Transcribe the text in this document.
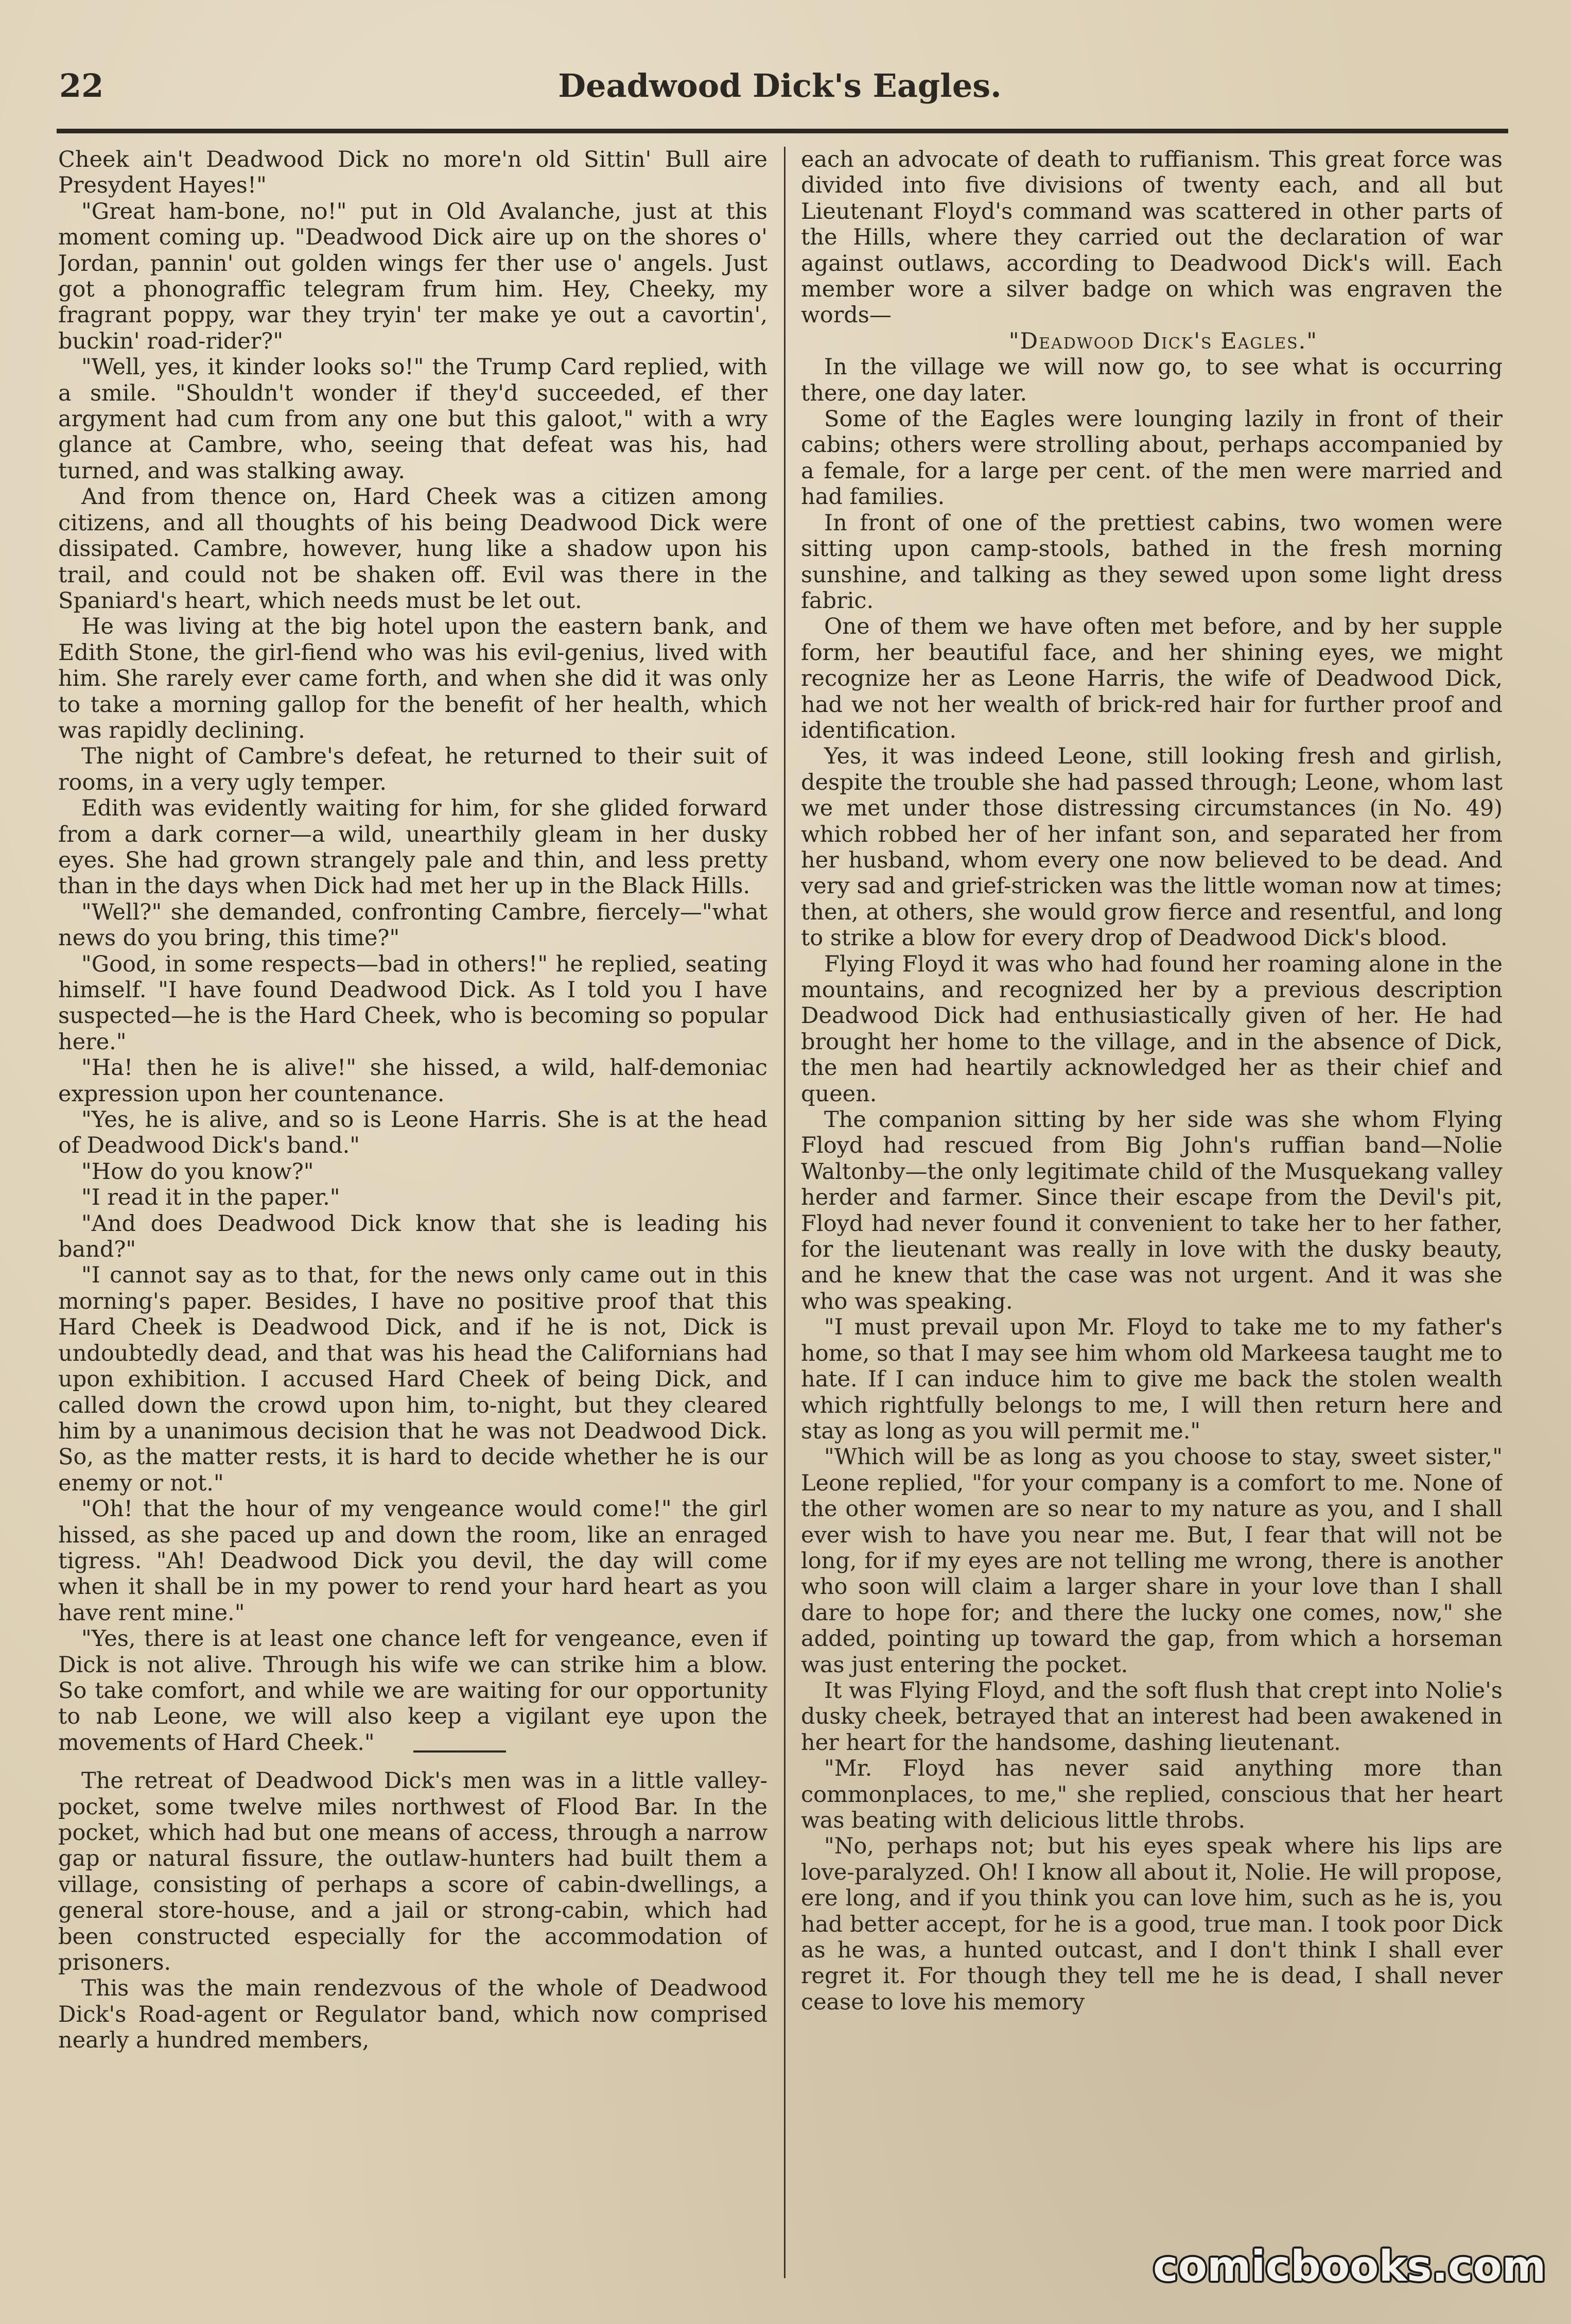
22	Deadwood Dick's Eagles.

Cheek ain't Deadwood Dick no more'n old Sittin' Bull aire Presydent Hayes!"

"Great ham-bone, no!" put in Old Avalanche, just at this moment coming up. "Deadwood Dick aire up on the shores o' Jordan, pannin' out golden wings fer ther use o' angels. Just got a phonograffic telegram frum him. Hey, Cheeky, my fragrant poppy, war they tryin' ter make ye out a cavortin', buckin' road-rider?"

"Well, yes, it kinder looks so!" the Trump Card replied, with a smile. "Shouldn't wonder if they'd succeeded, ef ther argyment had cum from any one but this galoot," with a wry glance at Cambre, who, seeing that defeat was his, had turned, and was stalking away.

And from thence on, Hard Cheek was a citizen among citizens, and all thoughts of his being Deadwood Dick were dissipated. Cambre, however, hung like a shadow upon his trail, and could not be shaken off. Evil was there in the Spaniard's heart, which needs must be let out.

He was living at the big hotel upon the eastern bank, and Edith Stone, the girl-fiend who was his evil-genius, lived with him. She rarely ever came forth, and when she did it was only to take a morning gallop for the benefit of her health, which was rapidly declining.

The night of Cambre's defeat, he returned to their suit of rooms, in a very ugly temper.

Edith was evidently waiting for him, for she glided forward from a dark corner—a wild, unearthily gleam in her dusky eyes. She had grown strangely pale and thin, and less pretty than in the days when Dick had met her up in the Black Hills.

"Well?" she demanded, confronting Cambre, fiercely—"what news do you bring, this time?"

"Good, in some respects—bad in others!" he replied, seating himself. "I have found Deadwood Dick. As I told you I have suspected—he is the Hard Cheek, who is becoming so popular here."

"Ha! then he is alive!" she hissed, a wild, half-demoniac expression upon her countenance.

"Yes, he is alive, and so is Leone Harris. She is at the head of Deadwood Dick's band."

"How do you know?"

"I read it in the paper."

"And does Deadwood Dick know that she is leading his band?"

"I cannot say as to that, for the news only came out in this morning's paper. Besides, I have no positive proof that this Hard Cheek is Deadwood Dick, and if he is not, Dick is undoubtedly dead, and that was his head the Californians had upon exhibition. I accused Hard Cheek of being Dick, and called down the crowd upon him, to-night, but they cleared him by a unanimous decision that he was not Deadwood Dick. So, as the matter rests, it is hard to decide whether he is our enemy or not."

"Oh! that the hour of my vengeance would come!" the girl hissed, as she paced up and down the room, like an enraged tigress. "Ah! Deadwood Dick you devil, the day will come when it shall be in my power to rend your hard heart as you have rent mine."

"Yes, there is at least one chance left for vengeance, even if Dick is not alive. Through his wife we can strike him a blow. So take comfort, and while we are waiting for our opportunity to nab Leone, we will also keep a vigilant eye upon the movements of Hard Cheek."

The retreat of Deadwood Dick's men was in a little valley-pocket, some twelve miles northwest of Flood Bar. In the pocket, which had but one means of access, through a narrow gap or natural fissure, the outlaw-hunters had built them a village, consisting of perhaps a score of cabin-dwellings, a general store-house, and a jail or strong-cabin, which had been constructed especially for the accommodation of prisoners.

This was the main rendezvous of the whole of Deadwood Dick's Road-agent or Regulator band, which now comprised nearly a hundred members,

each an advocate of death to ruffianism. This great force was divided into five divisions of twenty each, and all but Lieutenant Floyd's command was scattered in other parts of the Hills, where they carried out the declaration of war against outlaws, according to Deadwood Dick's will. Each member wore a silver badge on which was engraven the words—

"Deadwood Dick's Eagles."

In the village we will now go, to see what is occurring there, one day later.

Some of the Eagles were lounging lazily in front of their cabins; others were strolling about, perhaps accompanied by a female, for a large per cent. of the men were married and had families.

In front of one of the prettiest cabins, two women were sitting upon camp-stools, bathed in the fresh morning sunshine, and talking as they sewed upon some light dress fabric.

One of them we have often met before, and by her supple form, her beautiful face, and her shining eyes, we might recognize her as Leone Harris, the wife of Deadwood Dick, had we not her wealth of brick-red hair for further proof and identification.

Yes, it was indeed Leone, still looking fresh and girlish, despite the trouble she had passed through; Leone, whom last we met under those distressing circumstances (in No. 49) which robbed her of her infant son, and separated her from her husband, whom every one now believed to be dead. And very sad and grief-stricken was the little woman now at times; then, at others, she would grow fierce and resentful, and long to strike a blow for every drop of Deadwood Dick's blood.

Flying Floyd it was who had found her roaming alone in the mountains, and recognized her by a previous description Deadwood Dick had enthusiastically given of her. He had brought her home to the village, and in the absence of Dick, the men had heartily acknowledged her as their chief and queen.

The companion sitting by her side was she whom Flying Floyd had rescued from Big John's ruffian band—Nolie Waltonby—the only legitimate child of the Musquekang valley herder and farmer. Since their escape from the Devil's pit, Floyd had never found it convenient to take her to her father, for the lieutenant was really in love with the dusky beauty, and he knew that the case was not urgent. And it was she who was speaking.

"I must prevail upon Mr. Floyd to take me to my father's home, so that I may see him whom old Markeesa taught me to hate. If I can induce him to give me back the stolen wealth which rightfully belongs to me, I will then return here and stay as long as you will permit me."

"Which will be as long as you choose to stay, sweet sister," Leone replied, "for your company is a comfort to me. None of the other women are so near to my nature as you, and I shall ever wish to have you near me. But, I fear that will not be long, for if my eyes are not telling me wrong, there is another who soon will claim a larger share in your love than I shall dare to hope for; and there the lucky one comes, now," she added, pointing up toward the gap, from which a horseman was just entering the pocket.

It was Flying Floyd, and the soft flush that crept into Nolie's dusky cheek, betrayed that an interest had been awakened in her heart for the handsome, dashing lieutenant.

"Mr. Floyd has never said anything more than commonplaces, to me," she replied, conscious that her heart was beating with delicious little throbs.

"No, perhaps not; but his eyes speak where his lips are love-paralyzed. Oh! I know all about it, Nolie. He will propose, ere long, and if you think you can love him, such as he is, you had better accept, for he is a good, true man. I took poor Dick as he was, a hunted outcast, and I don't think I shall ever regret it. For though they tell me he is dead, I shall never cease to love his memory

comicbooks.com
